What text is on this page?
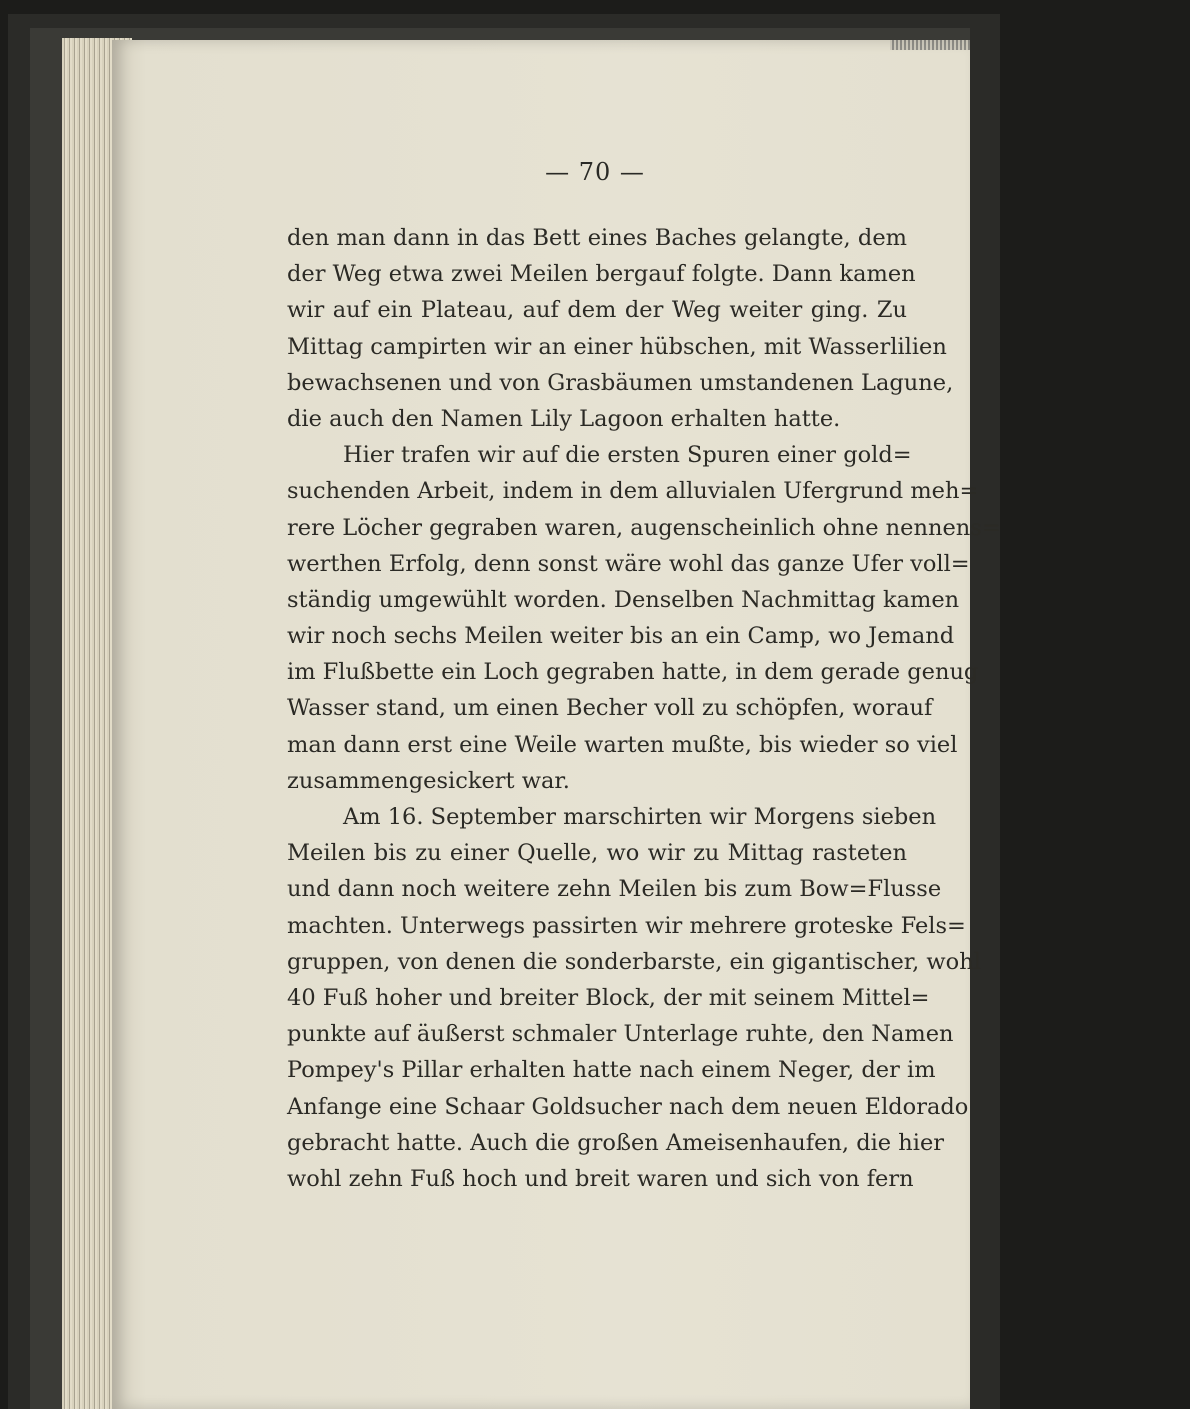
— 70 —
den man dann in das Bett eines Baches gelangte, dem
der Weg etwa zwei Meilen bergauf folgte. Dann kamen
wir auf ein Plateau, auf dem der Weg weiter ging. Zu
Mittag campirten wir an einer hübschen, mit Wasserlilien
bewachsenen und von Grasbäumen umstandenen Lagune,
die auch den Namen Lily Lagoon erhalten hatte.
Hier trafen wir auf die ersten Spuren einer gold=
suchenden Arbeit, indem in dem alluvialen Ufergrund meh=
rere Löcher gegraben waren, augenscheinlich ohne nennens=
werthen Erfolg, denn sonst wäre wohl das ganze Ufer voll=
ständig umgewühlt worden. Denselben Nachmittag kamen
wir noch sechs Meilen weiter bis an ein Camp, wo Jemand
im Flußbette ein Loch gegraben hatte, in dem gerade genug
Wasser stand, um einen Becher voll zu schöpfen, worauf
man dann erst eine Weile warten mußte, bis wieder so viel
zusammengesickert war.
Am 16. September marschirten wir Morgens sieben
Meilen bis zu einer Quelle, wo wir zu Mittag rasteten
und dann noch weitere zehn Meilen bis zum Bow=Flusse
machten. Unterwegs passirten wir mehrere groteske Fels=
gruppen, von denen die sonderbarste, ein gigantischer, wohl
40 Fuß hoher und breiter Block, der mit seinem Mittel=
punkte auf äußerst schmaler Unterlage ruhte, den Namen
Pompey's Pillar erhalten hatte nach einem Neger, der im
Anfange eine Schaar Goldsucher nach dem neuen Eldorado
gebracht hatte. Auch die großen Ameisenhaufen, die hier
wohl zehn Fuß hoch und breit waren und sich von fern
